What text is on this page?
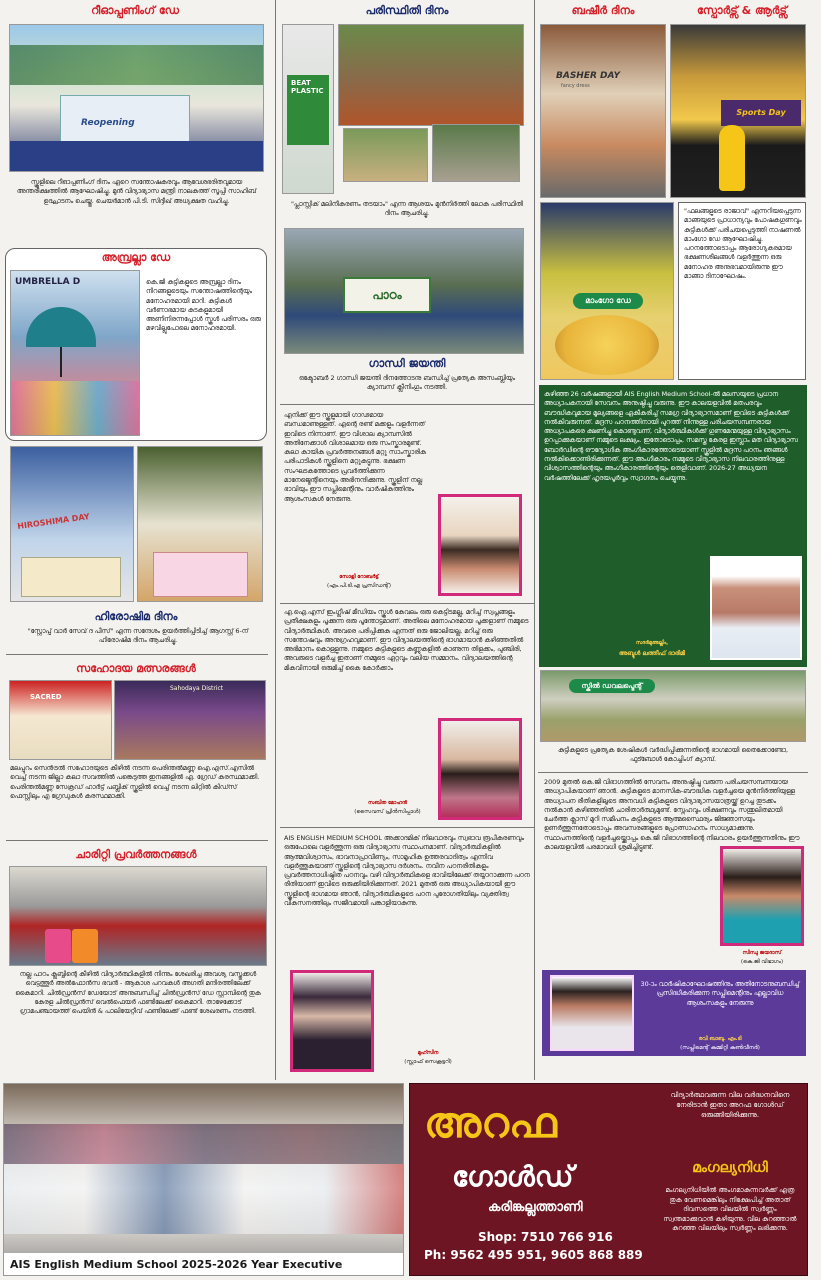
റീഓപ്പണിംഗ് ഡേ
Reopening
സ്കൂളിലെ റീഓപ്പണിംഗ് ദിനം ഏറെ സന്തോഷകരവും ആവേശഭരിതവുമായ അന്തരീക്ഷത്തിൽ ആഘോഷിച്ചു. മുൻ വിദ്യാഭ്യാസ മന്ത്രി നാലകത്ത് സൂപ്പി സാഹിബ് ഉദ്ഘാടനം ചെയ്തു. ചെയർമാൻ പി.ടി. സിദ്ദീഖ് അധ്യക്ഷത വഹിച്ചു.
അമ്പ്രല്ലാ ഡേ
UMBRELLA D	കെ.ജി കുട്ടികളുടെ അമ്പ്രല്ലാ ദിനം നിറങ്ങളുടെയും സന്തോഷത്തിന്റെയും മനോഹരമായി മാറി. കുട്ടികൾ വർണാഭമായ കുടകളുമായി അണിനിരന്നപ്പോൾ സ്കൂൾ പരിസരം ഒരു മഴവില്ലുപോലെ മനോഹരമായി.
HIROSHIMA DAY
ഹിരോഷിമ ദിനം
"സ്റ്റോപ്പ് വാർ സേവ് ദ പീസ്" എന്ന സന്ദേശം ഉയർത്തിപ്പിടിച്ച് ആഗസ്റ്റ് 6-ന് ഹിരോഷിമ ദിനം ആചരിച്ചു.
സഹോദയ മത്സരങ്ങൾ
SACRED
Sahodaya District
മലപ്പുറം സെൻട്രൽ സഹോദയുടെ കീഴിൽ നടന്ന പെരിന്തൽമണ്ണ ഐ.എസ്.എസിൽ വെച്ച് നടന്ന ജില്ലാ കലാ സവത്തിൽ പങ്കെടുത്ത ഇനങ്ങളിൽ എ. ഗ്രേഡ് കരസ്ഥമാക്കി. പെരിന്തൽമണ്ണ സേക്രഡ് ഹാർട്ട് പബ്ലിക് സ്കൂളിൽ വെച്ച് നടന്ന ലിറ്റിൽ കിഡ്സ് ഫെസ്റ്റിലും എ ഗ്രേഡുകൾ കരസ്ഥമാക്കി.
ചാരിറ്റി പ്രവർത്തനങ്ങൾ
നല്ല പാഠം ക്ലബ്ബിന്റെ കീഴിൽ വിദ്യാർത്ഥികളിൽ നിന്നും ശേഖരിച്ച അവശ്യ വസ്തുക്കൾ വെട്ടത്തൂർ അൽഫോൻസ ഭവൻ - ആകാശ പറവകൾ അഗതി മന്ദിരത്തിലേക്ക് കൈമാറി. ചിൽഡ്രൻസ് ഡേയോട് അനുബന്ധിച്ച് ചിൽഡ്രൻസ് ഡേ സ്റ്റാമ്പിന്റെ തുക കേരള ചിൽഡ്രൻസ് വെൽഫെയർ ഫണ്ടിലേക്ക് കൈമാറി. താഴേക്കോട് ഗ്രാമപഞ്ചായത്ത് പെയിൻ & പാലിയേറ്റീവ് ഫണ്ടിലേക്ക് ഫണ്ട് ശേഖരണം നടത്തി.
പരിസ്ഥിതി ദിനം
BEAT PLASTIC
"പ്ലാസ്റ്റിക് മലിനീകരണം തടയാം" എന്ന ആശയം മുൻനിർത്തി ലോക പരിസ്ഥിതി ദിനം ആചരിച്ചു.
പാഠം
ഗാന്ധി ജയന്തി
ഒക്ടോബർ 2 ഗാന്ധി ജയന്തി ദിനത്തോടനു ബന്ധിച്ച് പ്രത്യേക അസംബ്ലിയും ക്യാമ്പസ് ക്ലീനിംഗും നടത്തി.
എനിക്ക് ഈ സ്കൂളുമായി ഗാഢമായ ബന്ധമാണുള്ളത്. എന്റെ രണ്ട് മക്കളും വളർന്നത് ഇവിടെ നിന്നാണ്. ഈ വിശാല ക്യാമ്പസിൽ അതിനേക്കാൾ വിശാലമായ ഒരു സംസ്കാരമുണ്ട്. കലാ കായിക പ്രവർത്തനങ്ങൾ മറ്റു സാംസ്കാരിക പരിപാടികൾ സ്കൂളിനെ മറ്റുകുട്ടുന്നു. ഭക്ഷണ സംഘടകത്തോടെ പ്രവർത്തിക്കുന്ന മാനേജ്മെന്റിനെയും അഭിനന്ദിക്കുന്നു. സ്കൂളിന് നല്ല ഭാവിയും ഈ സപ്ലിമെന്റിനും വാർഷികത്തിനും ആശംസകൾ നേരുന്നു.
സോളി റോബർട്ട്
(എം.പി.ടി.എ പ്രസിഡന്റ്)
എ.ഐ.എസ് ഇംഗ്ലീഷ് മീഡിയം സ്കൂൾ കേവലം ഒരു കെട്ടിടമല്ല, മറിച്ച് സ്വപ്നങ്ങളും പ്രതീക്ഷകളും പൂക്കുന്ന ഒരു പൂന്തോട്ടമാണ്. അതിലെ മനോഹരമായ പൂക്കളാണ് നമ്മുടെ വിദ്യാർത്ഥികൾ. അവരെ പരിപ്പിക്കുക എന്നത് ഒരു ജോലിയല്ല, മറിച്ച് ഒരു സന്തോഷവും അനുഗ്രഹവുമാണ്. ഈ വിദ്യാലയത്തിന്റെ ഭാഗമായാൻ കഴിഞ്ഞതിൽ അഭിമാനം കൊള്ളുന്നു. നമ്മുടെ കുട്ടികളുടെ കണ്ണുകളിൽ കാണുന്ന തിളക്കം, പുഞ്ചിരി, അവരുടെ വളർച്ച ഇതാണ് നമ്മുടെ ഏറ്റവും വലിയ സമ്മാനം. വിദ്യാലയത്തിന്റെ മികവിനായി ഒരുമിച്ച് കൈ കോർക്കാം
സബിത മോഹൻ
(സൈവസ് പ്രിൻസിപ്പാൾ)
AIS ENGLISH MEDIUM SCHOOL അക്കാദമിക് നിലവാരവും സ്വഭാവ രൂപീകരണവും ഒരുപോലെ വളർത്തുന്ന ഒരു വിദ്യാഭ്യാസ സ്ഥാപനമാണ്. വിദ്യാർത്ഥികളിൽ ആത്മവിശ്വാസം, ഭാവനാപ്രാവീണ്യം, സാമൂഹിക ഉത്തരവാദിത്വം എന്നിവ വളർത്തുകയാണ് സ്കൂളിന്റെ വിദ്യാഭ്യാസ ദർശനം. നവീന പഠനരീതികളും പ്രവർത്തനാധിഷ്ഠിത പഠനവും വഴി വിദ്യാർത്ഥികളെ ഭാവിയിലേക്ക് തയ്യാറാക്കുന്ന പഠന രീതിയാണ് ഇവിടെ ഒരുക്കിയിരിക്കുന്നത്. 2021 മുതൽ ഒരു അധ്യാപികയായി ഈ സ്കൂളിന്റെ ഭാഗമായ ഞാൻ, വിദ്യാർത്ഥികളുടെ പഠന പുരോഗതിയിലും വ്യക്തിത്വ വികസനത്തിലും സജീവമായി പങ്കാളിയാകുന്നു.
മുഹ്സിന
(സ്റ്റാഫ് സെക്രട്ടറി)
ബഷീർ ദിനം	സ്പോർട്സ് & ആർട്സ്
BASHER DAY
fancy dress
Sports Day
മാംഗോ ഡേ
"ഫലങ്ങളുടെ രാജാവ്" എന്നറിയപ്പെടുന്ന മാങ്ങയുടെ പ്രാധാന്യവും പോഷകഗുണവും കുട്ടികൾക്ക് പരിചയപ്പെടുത്തി നാഷണൽ മാംഗോ ഡേ ആഘോഷിച്ചു. പഠനത്തോടൊപ്പം ആരോഗ്യകരമായ ഭക്ഷണശീലങ്ങൾ വളർത്തുന്ന ഒരു മനോഹര അനുഭവമായിരുന്നു ഈ മാങ്ങാ ദിനാഘോഷം.
കഴിഞ്ഞ 26 വർഷങ്ങളായി AIS English Medium School-ൽ മലസയുടെ പ്രധാന അധ്യാപകനായി സേവനം അനുഷ്ഠിച്ചു വരുന്നു. ഈ കാലയളവിൽ മതപരവും ബൗദ്ധികവുമായ മൂല്യങ്ങളെ ഏകീകരിച്ച് സമഗ്ര വിദ്യാഭ്യാസമാണ് ഇവിടെ കുട്ടികൾക്ക് നൽകിവരുന്നത്. മദ്രസ പഠനത്തിനായി പുറത്ത് നിന്നുള്ള പരിചയസമ്പന്നരായ അധ്യാപകരെ ക്ഷണിച്ചു കൊണ്ടുവന്ന്, വിദ്യാർത്ഥികൾക്ക് ഗുണമേന്മയുള്ള വിദ്യാഭ്യാസം ഉറപ്പാക്കുകയാണ് നമ്മുടെ ലക്ഷ്യം. ഇതോടൊപ്പം, സമസ്ത കേരള ഇസ്ലാം മത വിദ്യാഭ്യാസ ബോർഡിന്റെ ഔദ്യോഗിക അംഗീകാരത്തോടെയാണ് സ്കൂളിൽ മദ്രസ പഠനം ഞങ്ങൾ നൽകിക്കൊണ്ടിരിക്കുന്നത്. ഈ അംഗീകാരം നമ്മുടെ വിദ്യാഭ്യാസ നിലവാരത്തിനുള്ള വിശ്വാസത്തിന്റെയും അംഗീകാരത്തിന്റെയും തെളിവാണ്. 2026-27 അധ്യയന വർഷത്തിലേക്ക് ഹൃദയപൂർവ്വം സ്വാഗതം ചെയ്യുന്നു.
സദർമുഅല്ലിം,
അബ്ദുൾ ലത്തീഫ് ദാരിമി
സ്കിൽ ഡവലപ്മെന്റ്
കുട്ടികളുടെ പ്രത്യേക ശേഷികൾ വർദ്ധിപ്പിക്കുന്നതിന്റെ ഭാഗമായി തൈക്കോണ്ടോ, ഫുട്ബോൾ കോച്ചിംഗ് ക്യാമ്പ്.
2009 മുതൽ കെ.ജി വിഭാഗത്തിൽ സേവനം അനുഷ്ഠിച്ചു വരുന്ന പരിചയസമ്പന്നയായ അധ്യാപികയാണ് ഞാൻ. കുട്ടികളുടെ മാനസിക-ബൗദ്ധിക വളർച്ചയെ മുൻനിർത്തിയുള്ള അധ്യാപന രീതികളിലൂടെ അനവധി കുട്ടികളുടെ വിദ്യാഭ്യാസയാത്രയ്ക്ക് ഉറച്ച തുടക്കം നൽകാൻ കഴിഞ്ഞതിൽ ചാരിതാർത്ഥ്യമുണ്ട്. സ്നേഹവും ശിക്ഷണവും സന്തുലിതമായി ചേർത്ത ക്ലാസ് മുറി സമീപനം കുട്ടികളുടെ ആത്മസ്ഥൈര്യം ജിജ്ഞാസയും ഉണർത്തുന്നതോടൊപ്പം അവസരങ്ങളുടെ പ്രോത്സാഹനം സാധ്യമാക്കുന്നു. സ്ഥാപനത്തിന്റെ വളർച്ചയ്ക്കൊപ്പം കെ.ജി വിഭാഗത്തിന്റെ നിലവാരം ഉയർത്തുന്നതിനും ഈ കാലയളവിൽ പരമാവധി ശ്രമിച്ചിട്ടുണ്ട്.
സിന്ധു ജയദാസ്
(കെ.ജി വിഭാഗം)
30-ാം വാർഷികാഘോഷത്തിനും അതിനോടനുബന്ധിച്ച് പ്രസിദ്ധീകരിക്കുന്ന സപ്ലിമെന്റിനും എല്ലാവിധ ആശംസകളും നേരുന്നു
രവി ബാബു. എം.ടി
(സപ്ലിമെന്റ് കമ്മിറ്റി കൺവീനർ)
AIS English Medium School 2025-2026 Year Executive
അറഫ
ഗോൾഡ്
കരിങ്കല്ലത്താണി
Shop: 7510 766 916
Ph: 9562 495 951, 9605 868 889
വിദ്യാർത്ഥവരുന്ന വില വർദ്ധനവിനെ നേരിടാൻ ഇതാ അറഫ ഗോൾഡ് ഒരുങ്ങിയിരിക്കുന്നു.
മംഗല്യനിധി
മംഗല്യനിധിയിൽ അംഗമാകുന്നവർക്ക് എത്ര തുക വേണമെങ്കിലും നിക്ഷേപിച്ച് അതാത് ദിവസത്തെ വിലയിൽ സ്വർണ്ണം സ്വന്തമാക്കുവാൻ കഴിയുന്നു. വില കുറഞ്ഞാൽ കുറഞ്ഞ വിലയിലും സ്വർണ്ണം ലഭിക്കുന്നു.
